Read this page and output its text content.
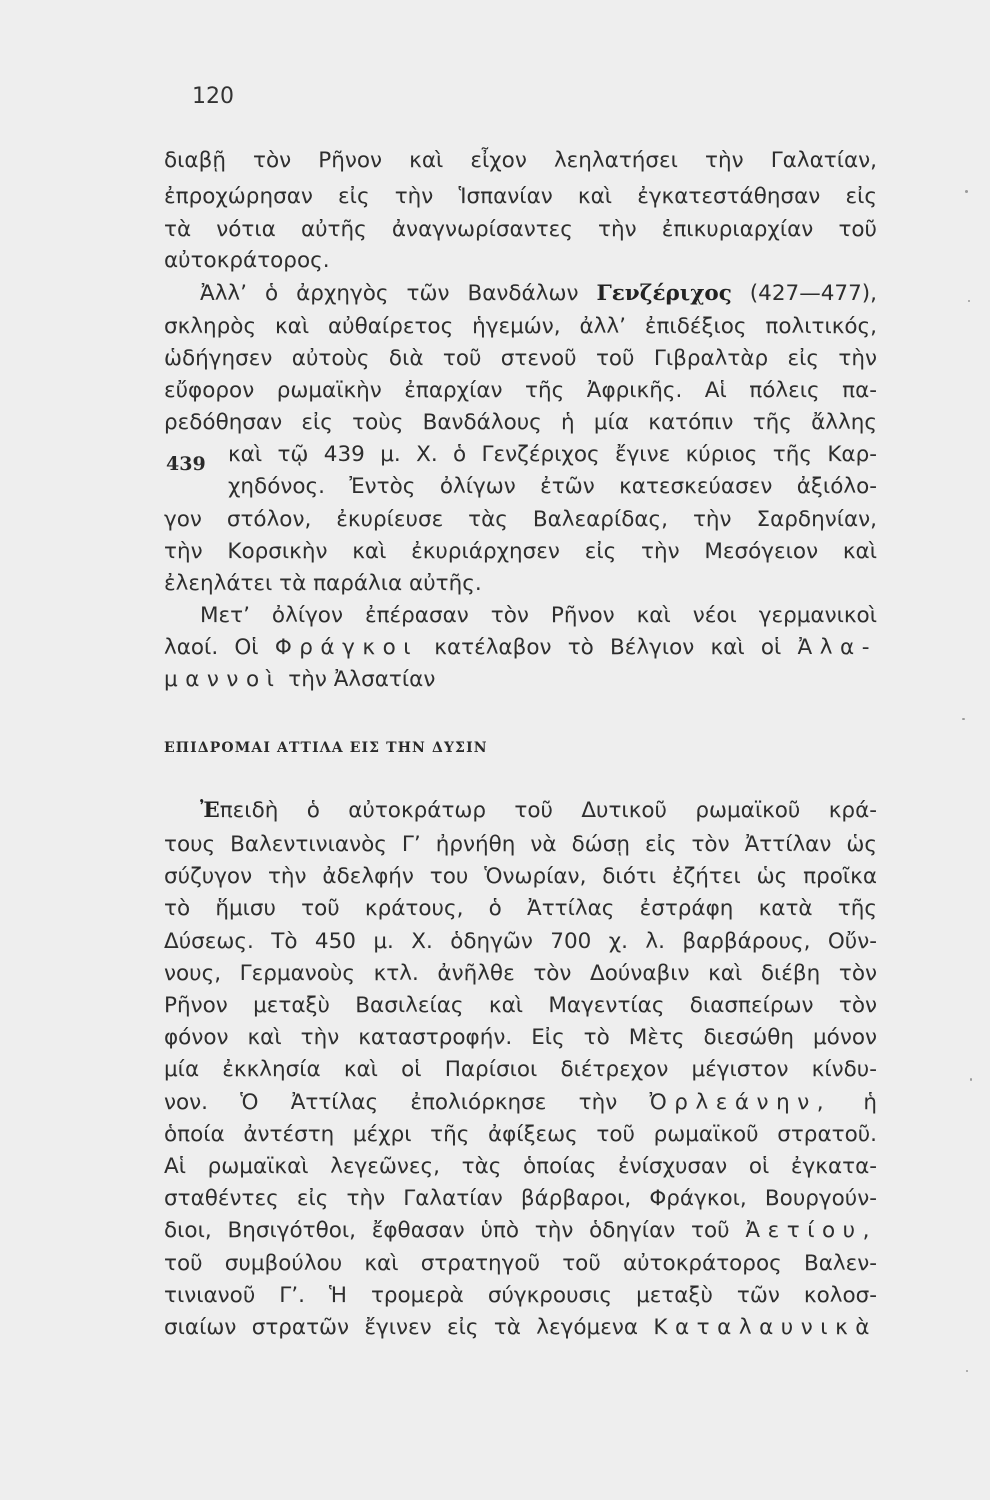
120
διαβῇ τὸν Ρῆνον καὶ εἶχον λεηλατήσει τὴν Γαλατίαν,
ἐπροχώρησαν εἰς τὴν Ἱσπανίαν καὶ ἐγκατεστάθησαν εἰς
τὰ νότια αὐτῆς ἀναγνωρίσαντες τὴν ἐπικυριαρχίαν τοῦ
αὐτοκράτορος.
Ἀλλ’ ὁ ἀρχηγὸς τῶν Βανδάλων Γενζέριχος (427—477),
σκληρὸς καὶ αὐθαίρετος ἡγεμών, ἀλλ’ ἐπιδέξιος πολιτικός,
ὡδήγησεν αὐτοὺς διὰ τοῦ στενοῦ τοῦ Γιβραλτὰρ εἰς τὴν
εὔφορον ρωμαϊκὴν ἐπαρχίαν τῆς Ἀφρικῆς. Αἱ πόλεις πα-
ρεδόθησαν εἰς τοὺς Βανδάλους ἡ μία κατόπιν τῆς ἄλλης
439 καὶ τῷ 439 μ. Χ. ὁ Γενζέριχος ἔγινε κύριος τῆς Καρ-
χηδόνος. Ἐντὸς ὀλίγων ἐτῶν κατεσκεύασεν ἀξιόλο-
γον στόλον, ἐκυρίευσε τὰς Βαλεαρίδας, τὴν Σαρδηνίαν,
τὴν Κορσικὴν καὶ ἐκυριάρχησεν εἰς τὴν Μεσόγειον καὶ
ἐλεηλάτει τὰ παράλια αὐτῆς.
Μετ’ ὀλίγον ἐπέρασαν τὸν Ρῆνον καὶ νέοι γερμανικοὶ
λαοί. Οἱ Φράγκοι κατέλαβον τὸ Βέλγιον καὶ οἱ Ἀλα-
μαννοὶ τὴν Ἀλσατίαν
ΕΠΙΔΡΟΜΑΙ ΑΤΤΙΛΑ ΕΙΣ ΤΗΝ ΔΥΣΙΝ
Ἐπειδὴ ὁ αὐτοκράτωρ τοῦ Δυτικοῦ ρωμαϊκοῦ κρά-
τους Βαλεντινιανὸς Γ’ ἠρνήθη νὰ δώσῃ εἰς τὸν Ἀττίλαν ὡς
σύζυγον τὴν ἀδελφήν του Ὁνωρίαν, διότι ἐζήτει ὡς προῖκα
τὸ ἥμισυ τοῦ κράτους, ὁ Ἀττίλας ἐστράφη κατὰ τῆς
Δύσεως. Τὸ 450 μ. Χ. ὁδηγῶν 700 χ. λ. βαρβάρους, Οὔν-
νους, Γερμανοὺς κτλ. ἀνῆλθε τὸν Δούναβιν καὶ διέβη τὸν
Ρῆνον μεταξὺ Βασιλείας καὶ Μαγεντίας διασπείρων τὸν
φόνον καὶ τὴν καταστροφήν. Εἰς τὸ Μὲτς διεσώθη μόνον
μία ἐκκλησία καὶ οἱ Παρίσιοι διέτρεχον μέγιστον κίνδυ-
νον. Ὁ Ἀττίλας ἐπολιόρκησε τὴν Ὀρλεάνην, ἡ
ὁποία ἀντέστη μέχρι τῆς ἀφίξεως τοῦ ρωμαϊκοῦ στρατοῦ.
Αἱ ρωμαϊκαὶ λεγεῶνες, τὰς ὁποίας ἐνίσχυσαν οἱ ἐγκατα-
σταθέντες εἰς τὴν Γαλατίαν βάρβαροι, Φράγκοι, Βουργούν-
διοι, Βησιγότθοι, ἔφθασαν ὑπὸ τὴν ὁδηγίαν τοῦ Ἀετίου,
τοῦ συμβούλου καὶ στρατηγοῦ τοῦ αὐτοκράτορος Βαλεν-
τινιανοῦ Γ’. Ἡ τρομερὰ σύγκρουσις μεταξὺ τῶν κολοσ-
σιαίων στρατῶν ἔγινεν εἰς τὰ λεγόμενα Καταλαυνικὰ
